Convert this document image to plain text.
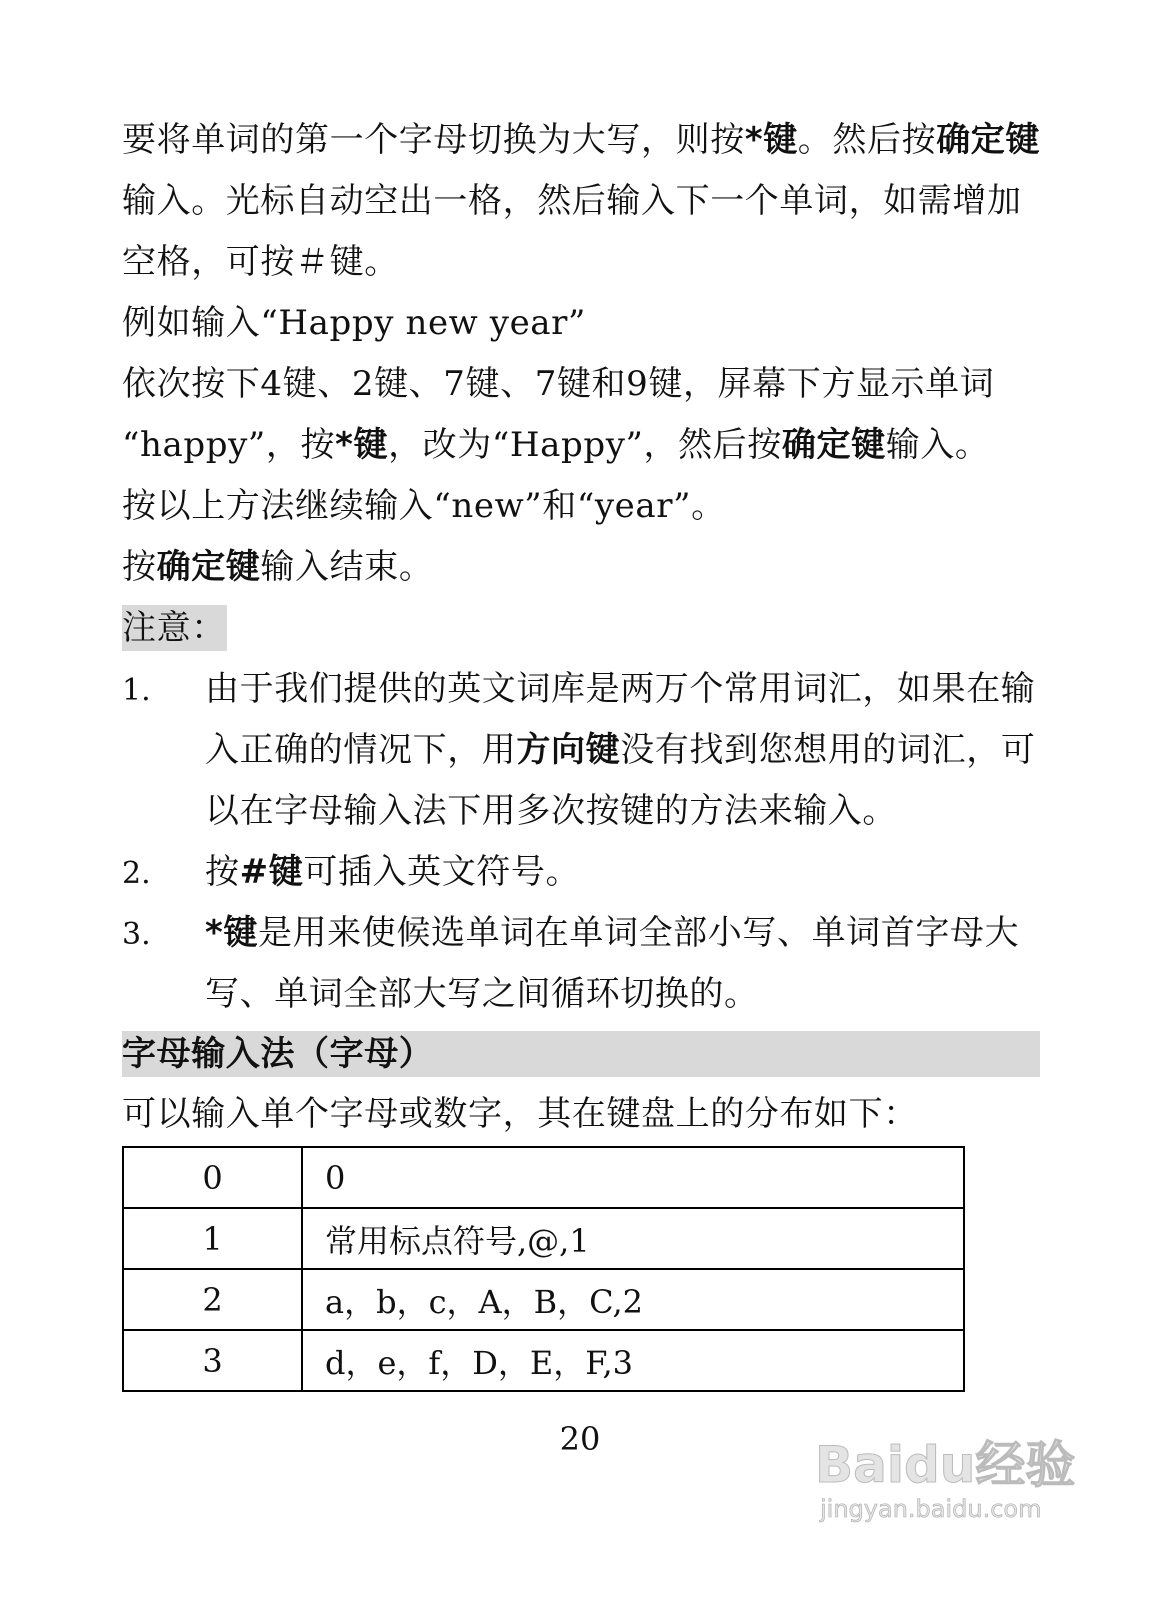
要将单词的第一个字母切换为大写，则按*键。然后按确定键
输入。光标自动空出一格，然后输入下一个单词，如需增加
空格，可按＃键。
例如输入“Happy new year”
依次按下4键、2键、7键、7键和9键，屏幕下方显示单词
“happy”，按*键，改为“Happy”，然后按确定键输入。
按以上方法继续输入“new”和“year”。
按确定键输入结束。
注意：
1. 由于我们提供的英文词库是两万个常用词汇，如果在输
入正确的情况下，用方向键没有找到您想用的词汇，可
以在字母输入法下用多次按键的方法来输入。
2. 按#键可插入英文符号。
3. *键是用来使候选单词在单词全部小写、单词首字母大
写、单词全部大写之间循环切换的。
字母输入法（字母）
可以输入单个字母或数字，其在键盘上的分布如下：
0	0
1	常用标点符号,@,1
2	a，b，c，A，B，C,2
3	d，e，f，D，E，F,3
20	Baidu经验
jingyan.baidu.com
